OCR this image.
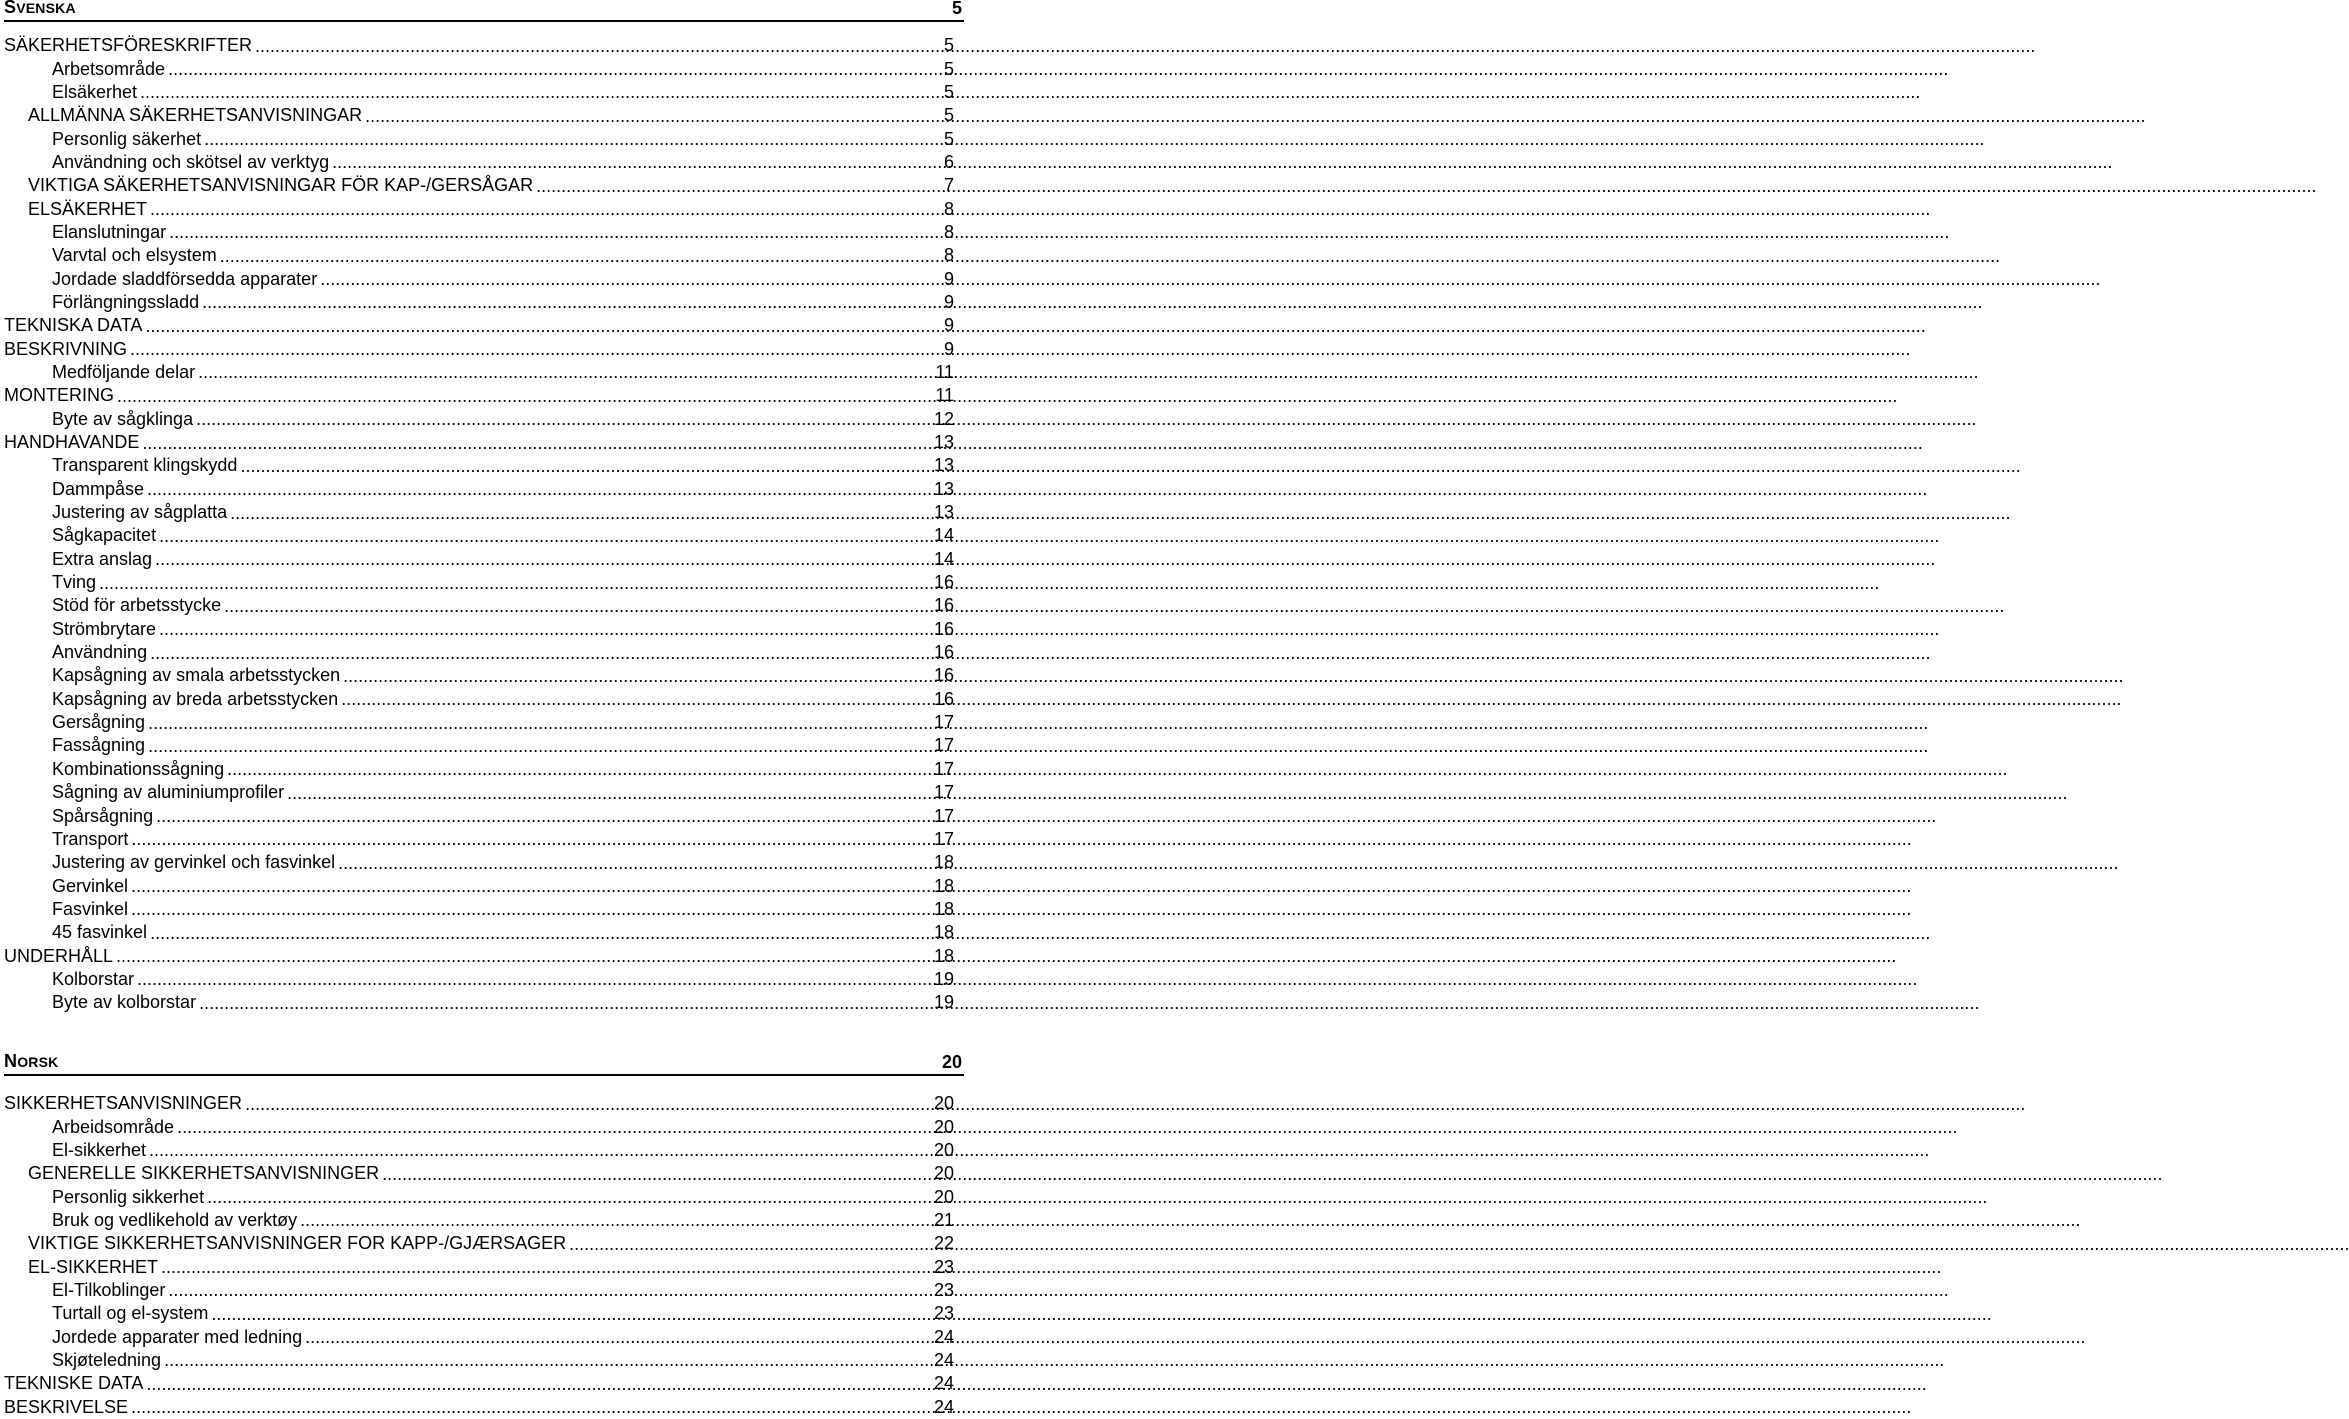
SVENSKA	5
SÄKERHETSFÖRESKRIFTER .....	5
Arbetsområde .....	5
Elsäkerhet .....	5
ALLMÄNNA SÄKERHETSANVISNINGAR .....	5
Personlig säkerhet .....	5
Användning och skötsel av verktyg .....	6
VIKTIGA SÄKERHETSANVISNINGAR FÖR KAP-/GERSÅGAR .....	7
ELSÄKERHET .....	8
Elanslutningar .....	8
Varvtal och elsystem .....	8
Jordade sladdförsedda apparater .....	9
Förlängningssladd .....	9
TEKNISKA DATA .....	9
BESKRIVNING .....	9
Medföljande delar .....	11
MONTERING .....	11
Byte av sågklinga .....	12
HANDHAVANDE .....	13
Transparent klingskydd .....	13
Dammpåse .....	13
Justering av sågplatta .....	13
Sågkapacitet .....	14
Extra anslag .....	14
Tving .....	16
Stöd för arbetsstycke .....	16
Strömbrytare .....	16
Användning .....	16
Kapsågning av smala arbetsstycken .....	16
Kapsågning av breda arbetsstycken .....	16
Gersågning .....	17
Fassågning .....	17
Kombinationssågning .....	17
Sågning av aluminiumprofiler .....	17
Spårsågning .....	17
Transport .....	17
Justering av gervinkel och fasvinkel .....	18
Gervinkel .....	18
Fasvinkel .....	18
45 fasvinkel .....	18
UNDERHÅLL .....	18
Kolborstar .....	19
Byte av kolborstar .....	19
NORSK	20
SIKKERHETSANVISNINGER .....	20
Arbeidsområde .....	20
El-sikkerhet .....	20
GENERELLE SIKKERHETSANVISNINGER .....	20
Personlig sikkerhet .....	20
Bruk og vedlikehold av verktøy .....	21
VIKTIGE SIKKERHETSANVISNINGER FOR KAPP-/GJÆRSAGER .....	22
EL-SIKKERHET .....	23
El-Tilkoblinger .....	23
Turtall og el-system .....	23
Jordede apparater med ledning .....	24
Skjøteledning .....	24
TEKNISKE DATA .....	24
BESKRIVELSE .....	24
